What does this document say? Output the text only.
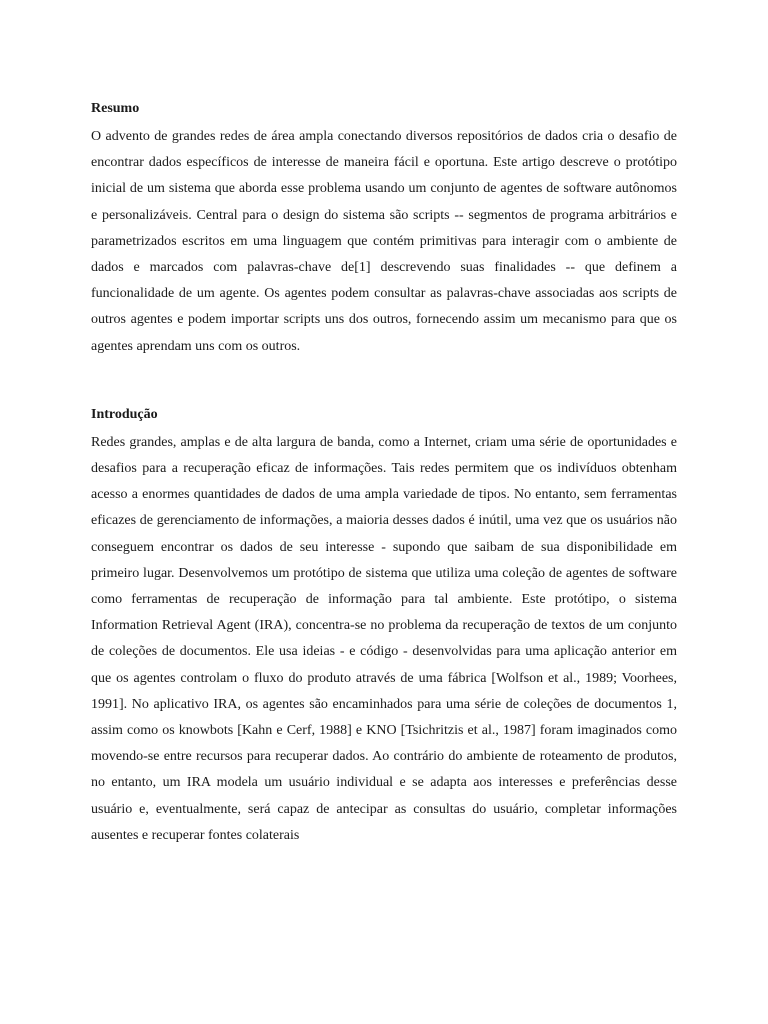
Resumo

O advento de grandes redes de área ampla conectando diversos repositórios de dados cria o desafio de encontrar dados específicos de interesse de maneira fácil e oportuna. Este artigo descreve o protótipo inicial de um sistema que aborda esse problema usando um conjunto de agentes de software autônomos e personalizáveis. Central para o design do sistema são scripts -- segmentos de programa arbitrários e parametrizados escritos em uma linguagem que contém primitivas para interagir com o ambiente de dados e marcados com palavras-chave de[1] descrevendo suas finalidades -- que definem a funcionalidade de um agente. Os agentes podem consultar as palavras-chave associadas aos scripts de outros agentes e podem importar scripts uns dos outros, fornecendo assim um mecanismo para que os agentes aprendam uns com os outros.

Introdução

Redes grandes, amplas e de alta largura de banda, como a Internet, criam uma série de oportunidades e desafios para a recuperação eficaz de informações. Tais redes permitem que os indivíduos obtenham acesso a enormes quantidades de dados de uma ampla variedade de tipos. No entanto, sem ferramentas eficazes de gerenciamento de informações, a maioria desses dados é inútil, uma vez que os usuários não conseguem encontrar os dados de seu interesse - supondo que saibam de sua disponibilidade em primeiro lugar. Desenvolvemos um protótipo de sistema que utiliza uma coleção de agentes de software como ferramentas de recuperação de informação para tal ambiente. Este protótipo, o sistema Information Retrieval Agent (IRA), concentra-se no problema da recuperação de textos de um conjunto de coleções de documentos. Ele usa ideias - e código - desenvolvidas para uma aplicação anterior em que os agentes controlam o fluxo do produto através de uma fábrica [Wolfson et al., 1989; Voorhees, 1991]. No aplicativo IRA, os agentes são encaminhados para uma série de coleções de documentos 1, assim como os knowbots [Kahn e Cerf, 1988] e KNO [Tsichritzis et al., 1987] foram imaginados como movendo-se entre recursos para recuperar dados. Ao contrário do ambiente de roteamento de produtos, no entanto, um IRA modela um usuário individual e se adapta aos interesses e preferências desse usuário e, eventualmente, será capaz de antecipar as consultas do usuário, completar informações ausentes e recuperar fontes colaterais
